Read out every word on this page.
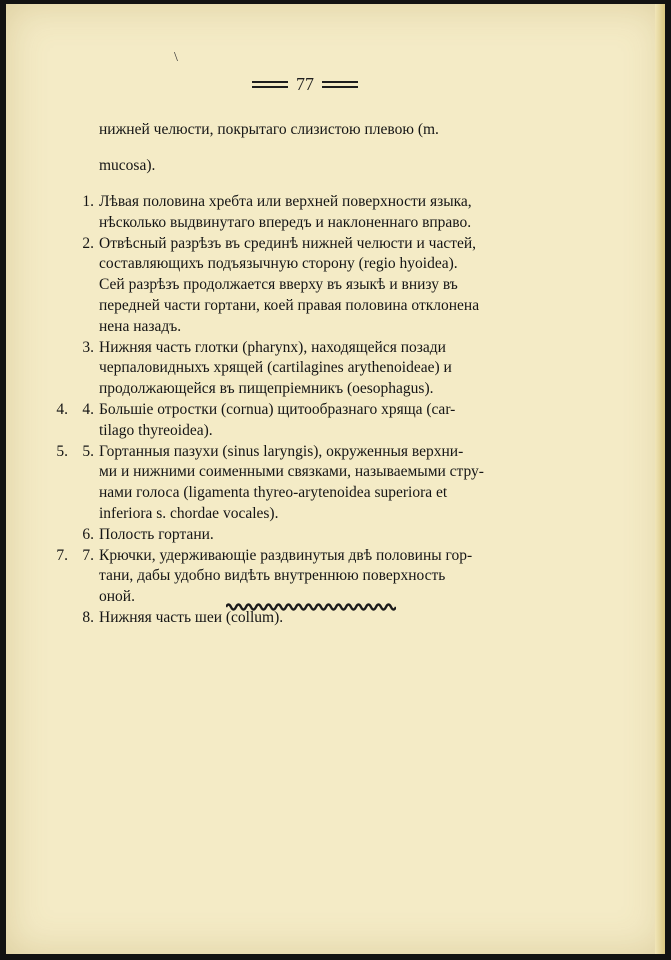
\
77

нижней челюсти, покрытаго слизистою плевою (m.

mucosa).

1. Лѣвая половина хребта или верхней поверхности языка,

нѣсколько выдвинутаго впередъ и наклоненнаго вправо.

2. Отвѣсный разрѣзъ въ срединѣ нижней челюсти и частей,

составляющихъ подъязычную сторону (regio hyoidea).

Сей разрѣзъ продолжается вверху въ языкѣ и внизу въ

передней части гортани, коей правая половина отклонена

нена назадъ.

3. Нижняя часть глотки (pharynx), находящейся позади

черпаловидныхъ хрящей (cartilagines arythenoideae) и

продолжающейся въ пищепріемникъ (oesophagus).

4. 4. Большіе отростки (cornua) щитообразнаго хряща (car-

tilago thyreoidea).

5. 5. Гортанныя пазухи (sinus laryngis), окруженныя верхни-

ми и нижними соименными связками, называемыми стру-

нами голоса (ligamenta thyreo-arytenoidea superiora et

inferiora s. chordae vocales).

6. Полость гортани.

7. 7. Крючки, удерживающіе раздвинутыя двѣ половины гор-

тани, дабы удобно видѣть внутреннюю поверхность

оной.

8. Нижняя часть шеи (collum).
